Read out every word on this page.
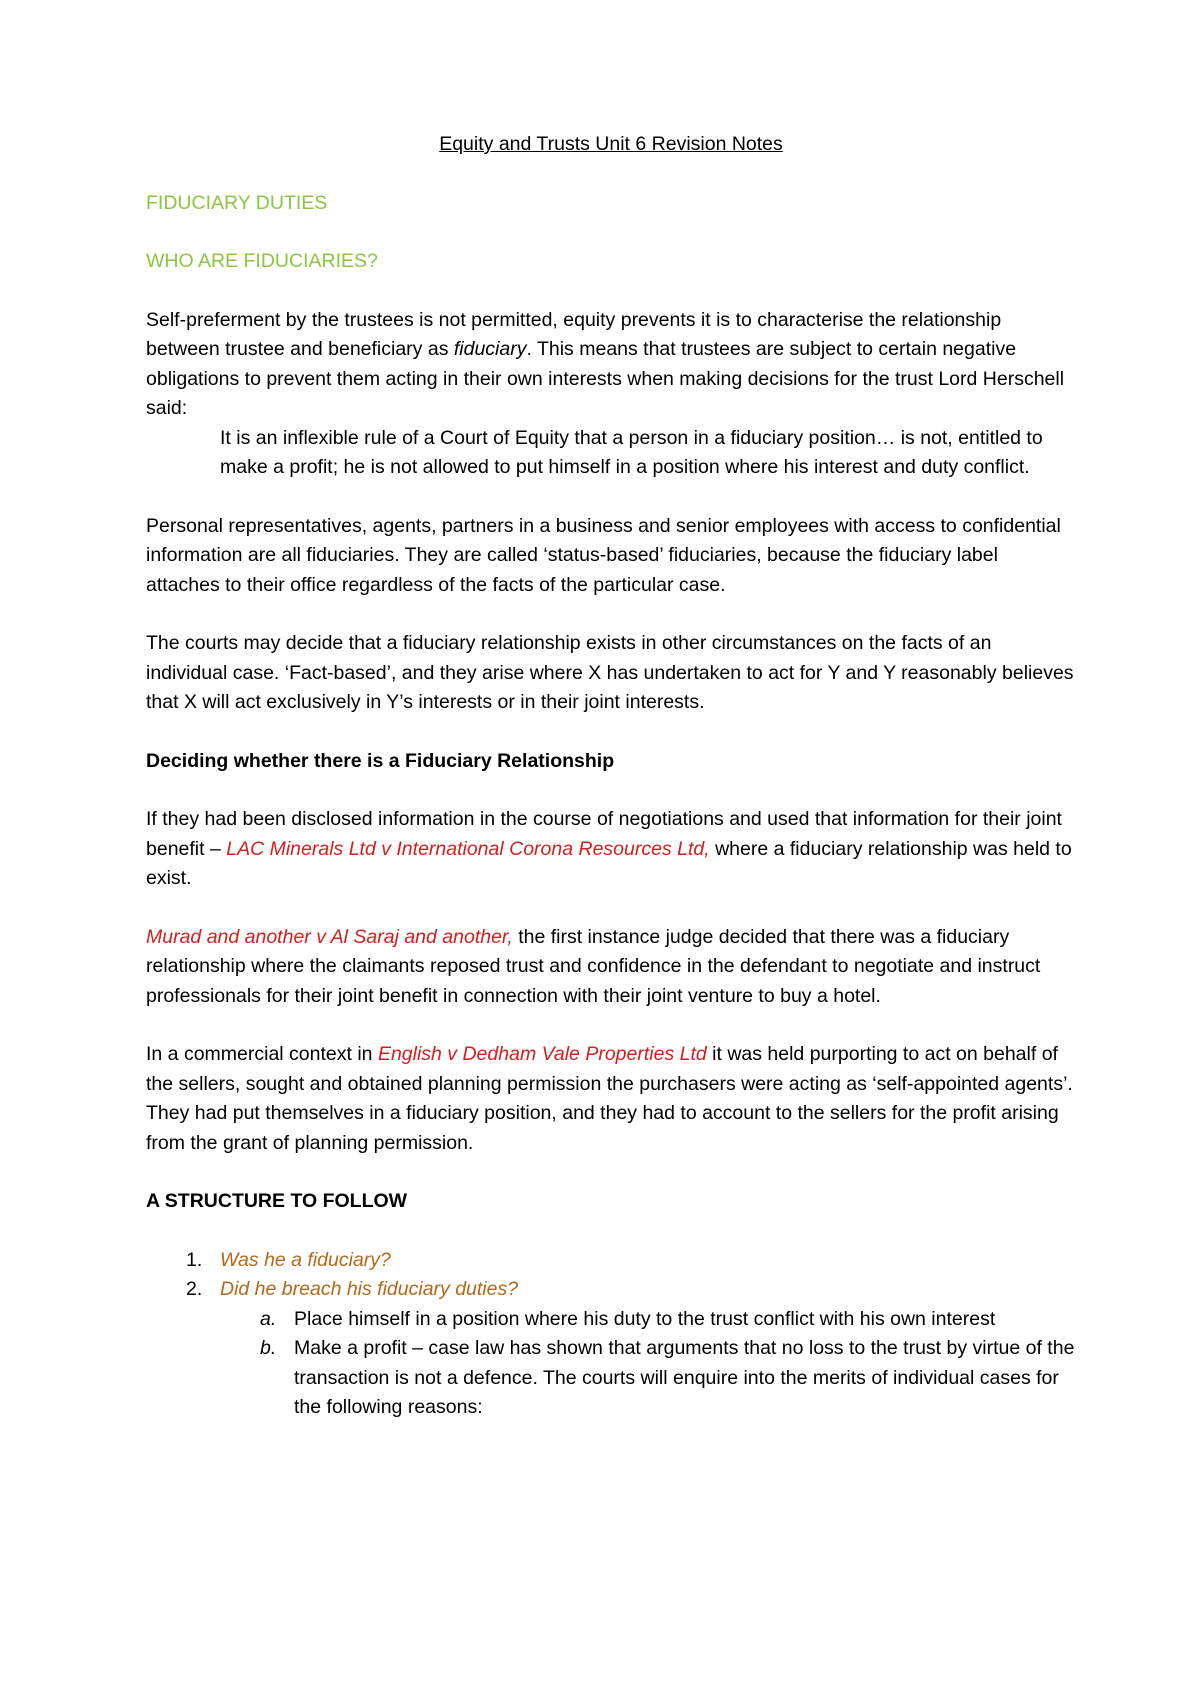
Equity and Trusts Unit 6 Revision Notes

FIDUCIARY DUTIES

WHO ARE FIDUCIARIES?

Self-preferment by the trustees is not permitted, equity prevents it is to characterise the relationship between trustee and beneficiary as fiduciary. This means that trustees are subject to certain negative obligations to prevent them acting in their own interests when making decisions for the trust Lord Herschell said:

It is an inflexible rule of a Court of Equity that a person in a fiduciary position… is not, entitled to make a profit; he is not allowed to put himself in a position where his interest and duty conflict.

Personal representatives, agents, partners in a business and senior employees with access to confidential information are all fiduciaries. They are called ‘status-based’ fiduciaries, because the fiduciary label attaches to their office regardless of the facts of the particular case.

The courts may decide that a fiduciary relationship exists in other circumstances on the facts of an individual case. ‘Fact-based’, and they arise where X has undertaken to act for Y and Y reasonably believes that X will act exclusively in Y’s interests or in their joint interests.

Deciding whether there is a Fiduciary Relationship

If they had been disclosed information in the course of negotiations and used that information for their joint benefit – LAC Minerals Ltd v International Corona Resources Ltd, where a fiduciary relationship was held to exist.

Murad and another v Al Saraj and another, the first instance judge decided that there was a fiduciary relationship where the claimants reposed trust and confidence in the defendant to negotiate and instruct professionals for their joint benefit in connection with their joint venture to buy a hotel.

In a commercial context in English v Dedham Vale Properties Ltd it was held purporting to act on behalf of the sellers, sought and obtained planning permission the purchasers were acting as ‘self-appointed agents’. They had put themselves in a fiduciary position, and they had to account to the sellers for the profit arising from the grant of planning permission.

A STRUCTURE TO FOLLOW

1. Was he a fiduciary?
2. Did he breach his fiduciary duties?
a. Place himself in a position where his duty to the trust conflict with his own interest
b. Make a profit – case law has shown that arguments that no loss to the trust by virtue of the transaction is not a defence. The courts will enquire into the merits of individual cases for the following reasons:
